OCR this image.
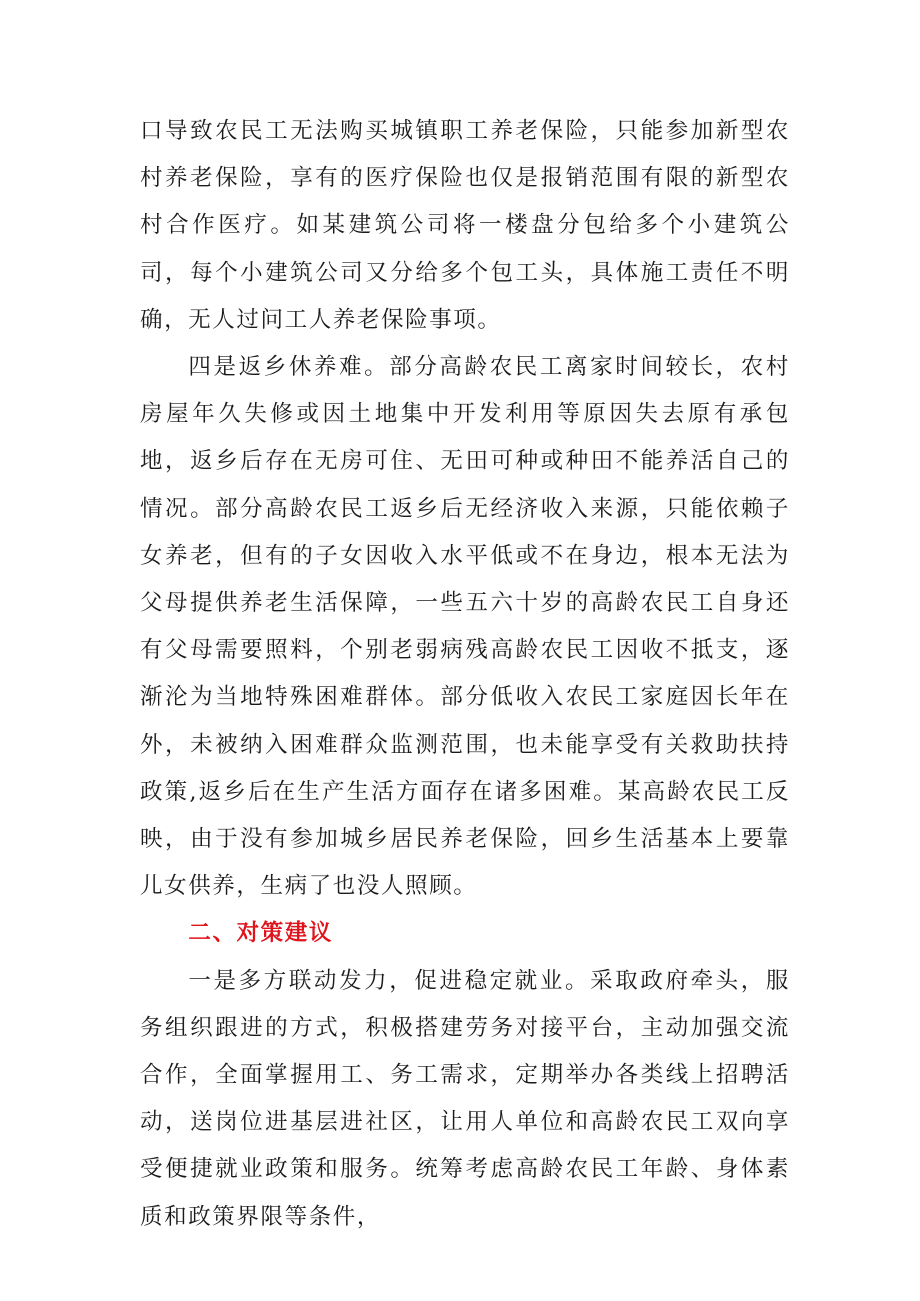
口导致农民工无法购买城镇职工养老保险，只能参加新型农村养老保险，享有的医疗保险也仅是报销范围有限的新型农村合作医疗。如某建筑公司将一楼盘分包给多个小建筑公司，每个小建筑公司又分给多个包工头，具体施工责任不明确，无人过问工人养老保险事项。

四是返乡休养难。部分高龄农民工离家时间较长，农村房屋年久失修或因土地集中开发利用等原因失去原有承包地，返乡后存在无房可住、无田可种或种田不能养活自己的情况。部分高龄农民工返乡后无经济收入来源，只能依赖子女养老，但有的子女因收入水平低或不在身边，根本无法为父母提供养老生活保障，一些五六十岁的高龄农民工自身还有父母需要照料，个别老弱病残高龄农民工因收不抵支，逐渐沦为当地特殊困难群体。部分低收入农民工家庭因长年在外，未被纳入困难群众监测范围，也未能享受有关救助扶持政策,返乡后在生产生活方面存在诸多困难。某高龄农民工反映，由于没有参加城乡居民养老保险，回乡生活基本上要靠儿女供养，生病了也没人照顾。

二、对策建议

一是多方联动发力，促进稳定就业。采取政府牵头，服务组织跟进的方式，积极搭建劳务对接平台，主动加强交流合作，全面掌握用工、务工需求，定期举办各类线上招聘活动，送岗位进基层进社区，让用人单位和高龄农民工双向享受便捷就业政策和服务。统筹考虑高龄农民工年龄、身体素质和政策界限等条件，
